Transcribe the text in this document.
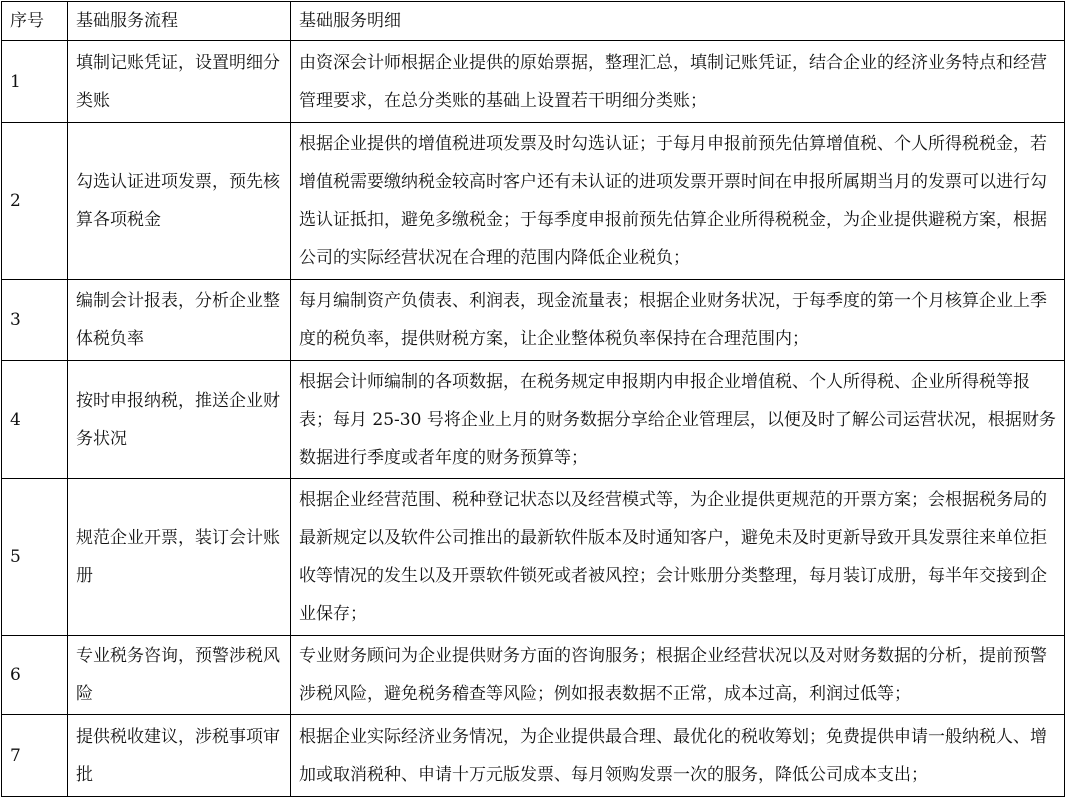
序号	基础服务流程	基础服务明细
1	填制记账凭证，设置明细分类账	由资深会计师根据企业提供的原始票据，整理汇总，填制记账凭证，结合企业的经济业务特点和经营管理要求，在总分类账的基础上设置若干明细分类账；

2	勾选认证进项发票，预先核算各项税金	根据企业提供的增值税进项发票及时勾选认证；于每月申报前预先估算增值税、个人所得税税金，若增值税需要缴纳税金较高时客户还有未认证的进项发票开票时间在申报所属期当月的发票可以进行勾选认证抵扣，避免多缴税金；于每季度申报前预先估算企业所得税税金，为企业提供避税方案，根据公司的实际经营状况在合理的范围内降低企业税负；

3	编制会计报表，分析企业整体税负率	每月编制资产负债表、利润表，现金流量表；根据企业财务状况，于每季度的第一个月核算企业上季度的税负率，提供财税方案，让企业整体税负率保持在合理范围内；

4	按时申报纳税，推送企业财务状况	根据会计师编制的各项数据，在税务规定申报期内申报企业增值税、个人所得税、企业所得税等报表；每月 25-30 号将企业上月的财务数据分享给企业管理层，以便及时了解公司运营状况，根据财务数据进行季度或者年度的财务预算等；

5	规范企业开票，装订会计账册	根据企业经营范围、税种登记状态以及经营模式等，为企业提供更规范的开票方案；会根据税务局的最新规定以及软件公司推出的最新软件版本及时通知客户，避免未及时更新导致开具发票往来单位拒收等情况的发生以及开票软件锁死或者被风控；会计账册分类整理，每月装订成册，每半年交接到企业保存；

6	专业税务咨询，预警涉税风险	专业财务顾问为企业提供财务方面的咨询服务；根据企业经营状况以及对财务数据的分析，提前预警涉税风险，避免税务稽查等风险；例如报表数据不正常，成本过高，利润过低等；

7	提供税收建议，涉税事项审批	根据企业实际经济业务情况，为企业提供最合理、最优化的税收筹划；免费提供申请一般纳税人、增加或取消税种、申请十万元版发票、每月领购发票一次的服务，降低公司成本支出；
